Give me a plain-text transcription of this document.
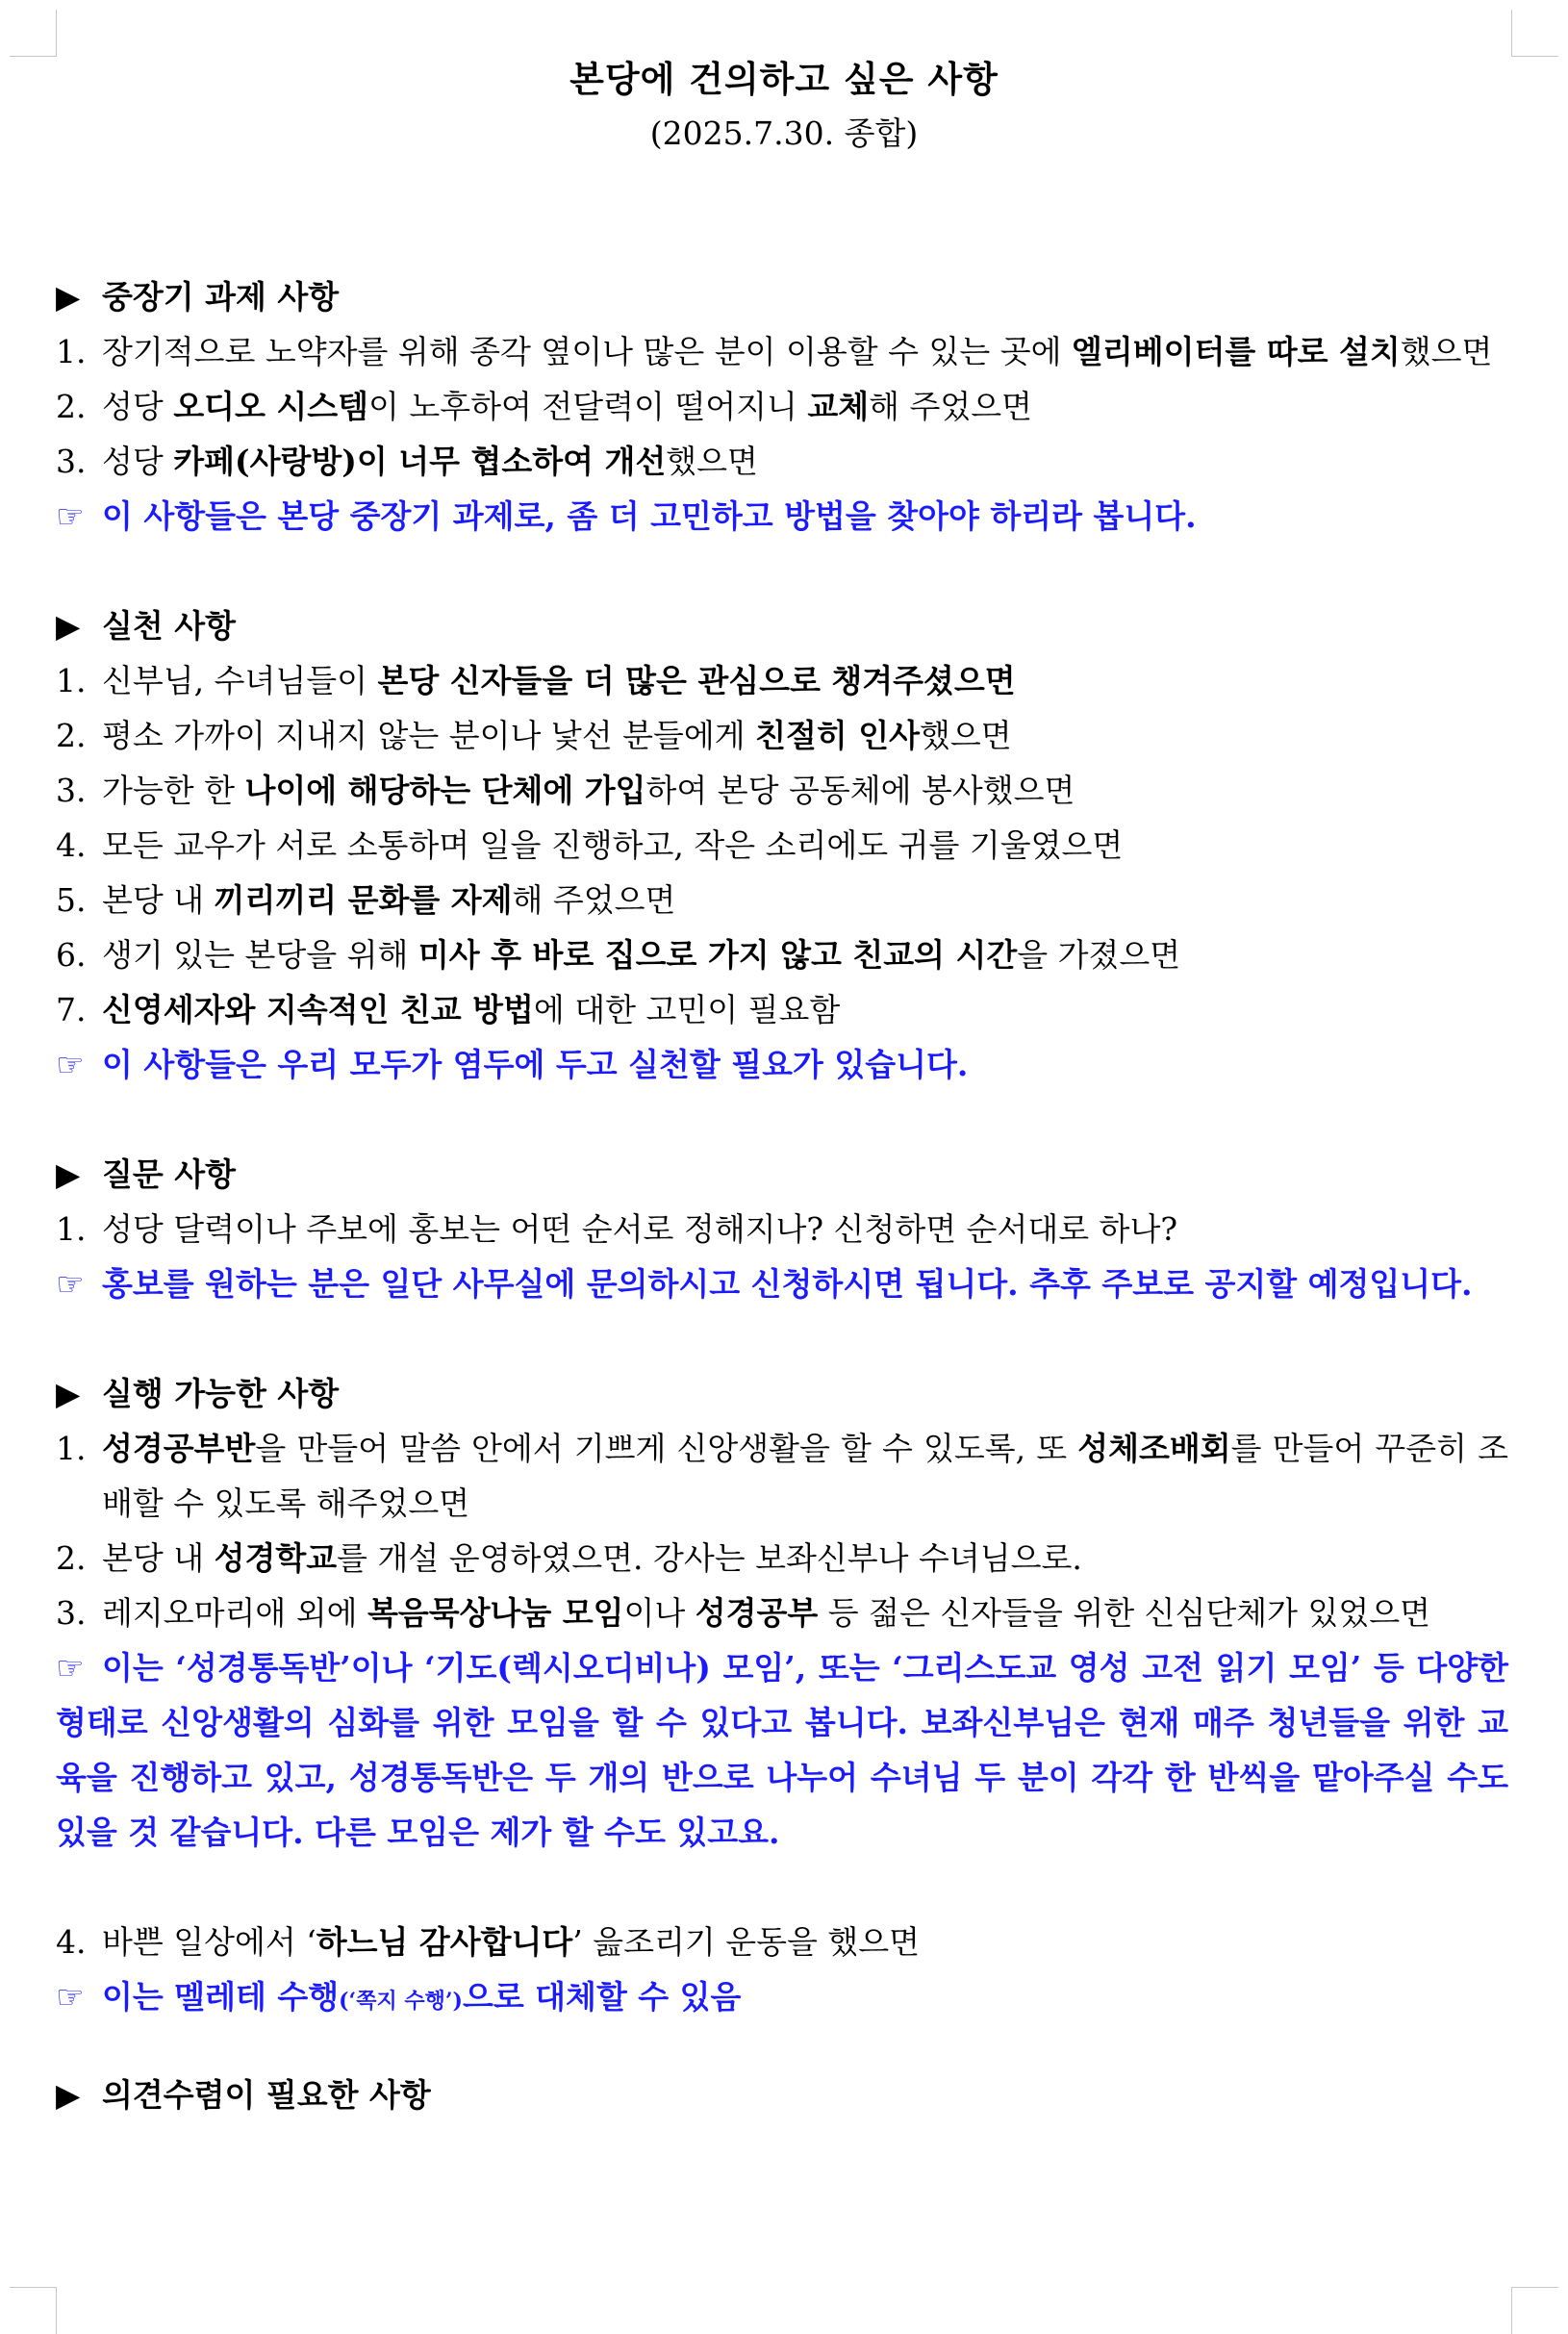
본당에 건의하고 싶은 사항
(2025.7.30. 종합)
▶ 중장기 과제 사항
1. 장기적으로 노약자를 위해 종각 옆이나 많은 분이 이용할 수 있는 곳에 엘리베이터를 따로 설치했으면
2. 성당 오디오 시스템이 노후하여 전달력이 떨어지니 교체해 주었으면
3. 성당 카페(사랑방)이 너무 협소하여 개선했으면
☞ 이 사항들은 본당 중장기 과제로, 좀 더 고민하고 방법을 찾아야 하리라 봅니다.
▶ 실천 사항
1. 신부님, 수녀님들이 본당 신자들을 더 많은 관심으로 챙겨주셨으면
2. 평소 가까이 지내지 않는 분이나 낯선 분들에게 친절히 인사했으면
3. 가능한 한 나이에 해당하는 단체에 가입하여 본당 공동체에 봉사했으면
4. 모든 교우가 서로 소통하며 일을 진행하고, 작은 소리에도 귀를 기울였으면
5. 본당 내 끼리끼리 문화를 자제해 주었으면
6. 생기 있는 본당을 위해 미사 후 바로 집으로 가지 않고 친교의 시간을 가졌으면
7. 신영세자와 지속적인 친교 방법에 대한 고민이 필요함
☞ 이 사항들은 우리 모두가 염두에 두고 실천할 필요가 있습니다.
▶ 질문 사항
1. 성당 달력이나 주보에 홍보는 어떤 순서로 정해지나? 신청하면 순서대로 하나?
☞ 홍보를 원하는 분은 일단 사무실에 문의하시고 신청하시면 됩니다. 추후 주보로 공지할 예정입니다.
▶ 실행 가능한 사항
1. 성경공부반을 만들어 말씀 안에서 기쁘게 신앙생활을 할 수 있도록, 또 성체조배회를 만들어 꾸준히 조배할 수 있도록 해주었으면
2. 본당 내 성경학교를 개설 운영하였으면. 강사는 보좌신부나 수녀님으로.
3. 레지오마리애 외에 복음묵상나눔 모임이나 성경공부 등 젊은 신자들을 위한 신심단체가 있었으면
☞ 이는 ‘성경통독반’이나 ‘기도(렉시오디비나) 모임’, 또는 ‘그리스도교 영성 고전 읽기 모임’ 등 다양한 형태로 신앙생활의 심화를 위한 모임을 할 수 있다고 봅니다. 보좌신부님은 현재 매주 청년들을 위한 교육을 진행하고 있고, 성경통독반은 두 개의 반으로 나누어 수녀님 두 분이 각각 한 반씩을 맡아주실 수도 있을 것 같습니다. 다른 모임은 제가 할 수도 있고요.
4. 바쁜 일상에서 ‘하느님 감사합니다’ 읊조리기 운동을 했으면
☞ 이는 멜레테 수행(‘쪽지 수행’)으로 대체할 수 있음
▶ 의견수렴이 필요한 사항
